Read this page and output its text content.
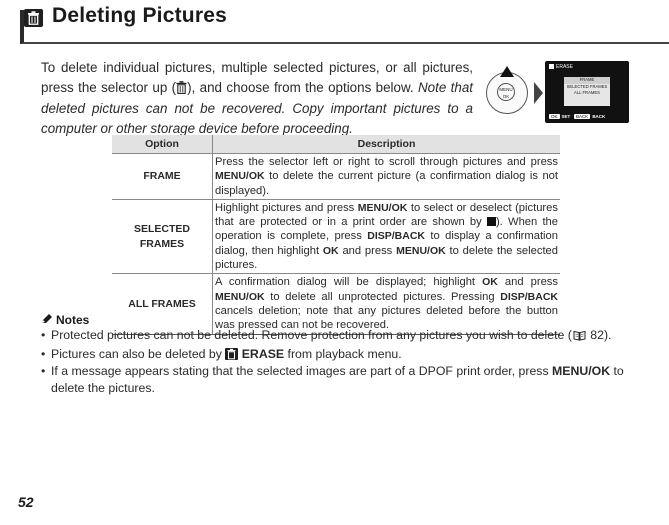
Deleting Pictures
To delete individual pictures, multiple selected pictures, or all pictures, press the selector up ( ), and choose from the options below. Note that deleted pictures can not be recovered. Copy important pictures to a computer or other storage device before proceeding.
MENU OK
ERASE
FRAME
SELECTED FRAMES
ALL FRAMES
OK SET BACK BACK
Option	Description
FRAME	Press the selector left or right to scroll through pictures and press MENU/OK to delete the current picture (a confirmation dialog is not displayed).
SELECTED FRAMES	Highlight pictures and press MENU/OK to select or deselect (pictures that are protected or in a print order are shown by ). When the operation is complete, press DISP/BACK to display a confirmation dialog, then highlight OK and press MENU/OK to delete the selected pictures.
ALL FRAMES	A confirmation dialog will be displayed; highlight OK and press MENU/OK to delete all unprotected pictures. Pressing DISP/BACK cancels deletion; note that any pictures deleted before the button was pressed can not be recovered.
Notes
• Protected pictures can not be deleted. Remove protection from any pictures you wish to delete ( 82).
• Pictures can also be deleted by
ERASE from playback menu.
• If a message appears stating that the selected images are part of a DPOF print order, press MENU/OK to delete the pictures.
52
